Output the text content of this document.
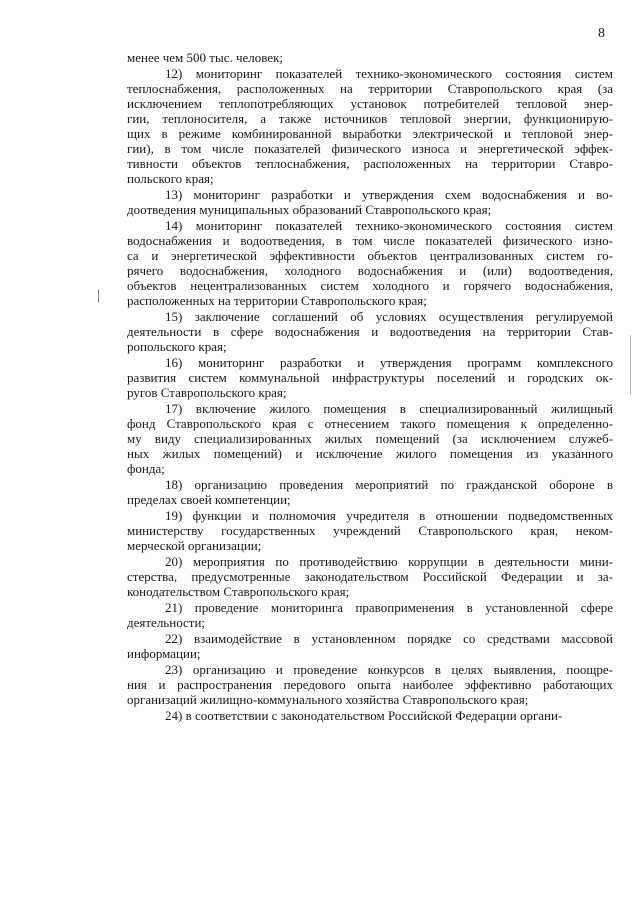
8
менее чем 500 тыс. человек;
12) мониторинг показателей технико-экономического состояния систем
теплоснабжения, расположенных на территории Ставропольского края (за
исключением теплопотребляющих установок потребителей тепловой энер-
гии, теплоносителя, а также источников тепловой энергии, функционирую-
щих в режиме комбинированной выработки электрической и тепловой энер-
гии), в том числе показателей физического износа и энергетической эффек-
тивности объектов теплоснабжения, расположенных на территории Ставро-
польского края;
13) мониторинг разработки и утверждения схем водоснабжения и во-
доотведения муниципальных образований Ставропольского края;
14) мониторинг показателей технико-экономического состояния систем
водоснабжения и водоотведения, в том числе показателей физического изно-
са и энергетической эффективности объектов централизованных систем го-
рячего водоснабжения, холодного водоснабжения и (или) водоотведения,
объектов нецентрализованных систем холодного и горячего водоснабжения,
расположенных на территории Ставропольского края;
15) заключение соглашений об условиях осуществления регулируемой
деятельности в сфере водоснабжения и водоотведения на территории Став-
ропольского края;
16) мониторинг разработки и утверждения программ комплексного
развития систем коммунальной инфраструктуры поселений и городских ок-
ругов Ставропольского края;
17) включение жилого помещения в специализированный жилищный
фонд Ставропольского края с отнесением такого помещения к определенно-
му виду специализированных жилых помещений (за исключением служеб-
ных жилых помещений) и исключение жилого помещения из указанного
фонда;
18) организацию проведения мероприятий по гражданской обороне в
пределах своей компетенции;
19) функции и полномочия учредителя в отношении подведомственных
министерству государственных учреждений Ставропольского края, неком-
мерческой организации;
20) мероприятия по противодействию коррупции в деятельности мини-
стерства, предусмотренные законодательством Российской Федерации и за-
конодательством Ставропольского края;
21) проведение мониторинга правоприменения в установленной сфере
деятельности;
22) взаимодействие в установленном порядке со средствами массовой
информации;
23) организацию и проведение конкурсов в целях выявления, поощре-
ния и распространения передового опыта наиболее эффективно работающих
организаций жилищно-коммунального хозяйства Ставропольского края;
24) в соответствии с законодательством Российской Федерации органи-
